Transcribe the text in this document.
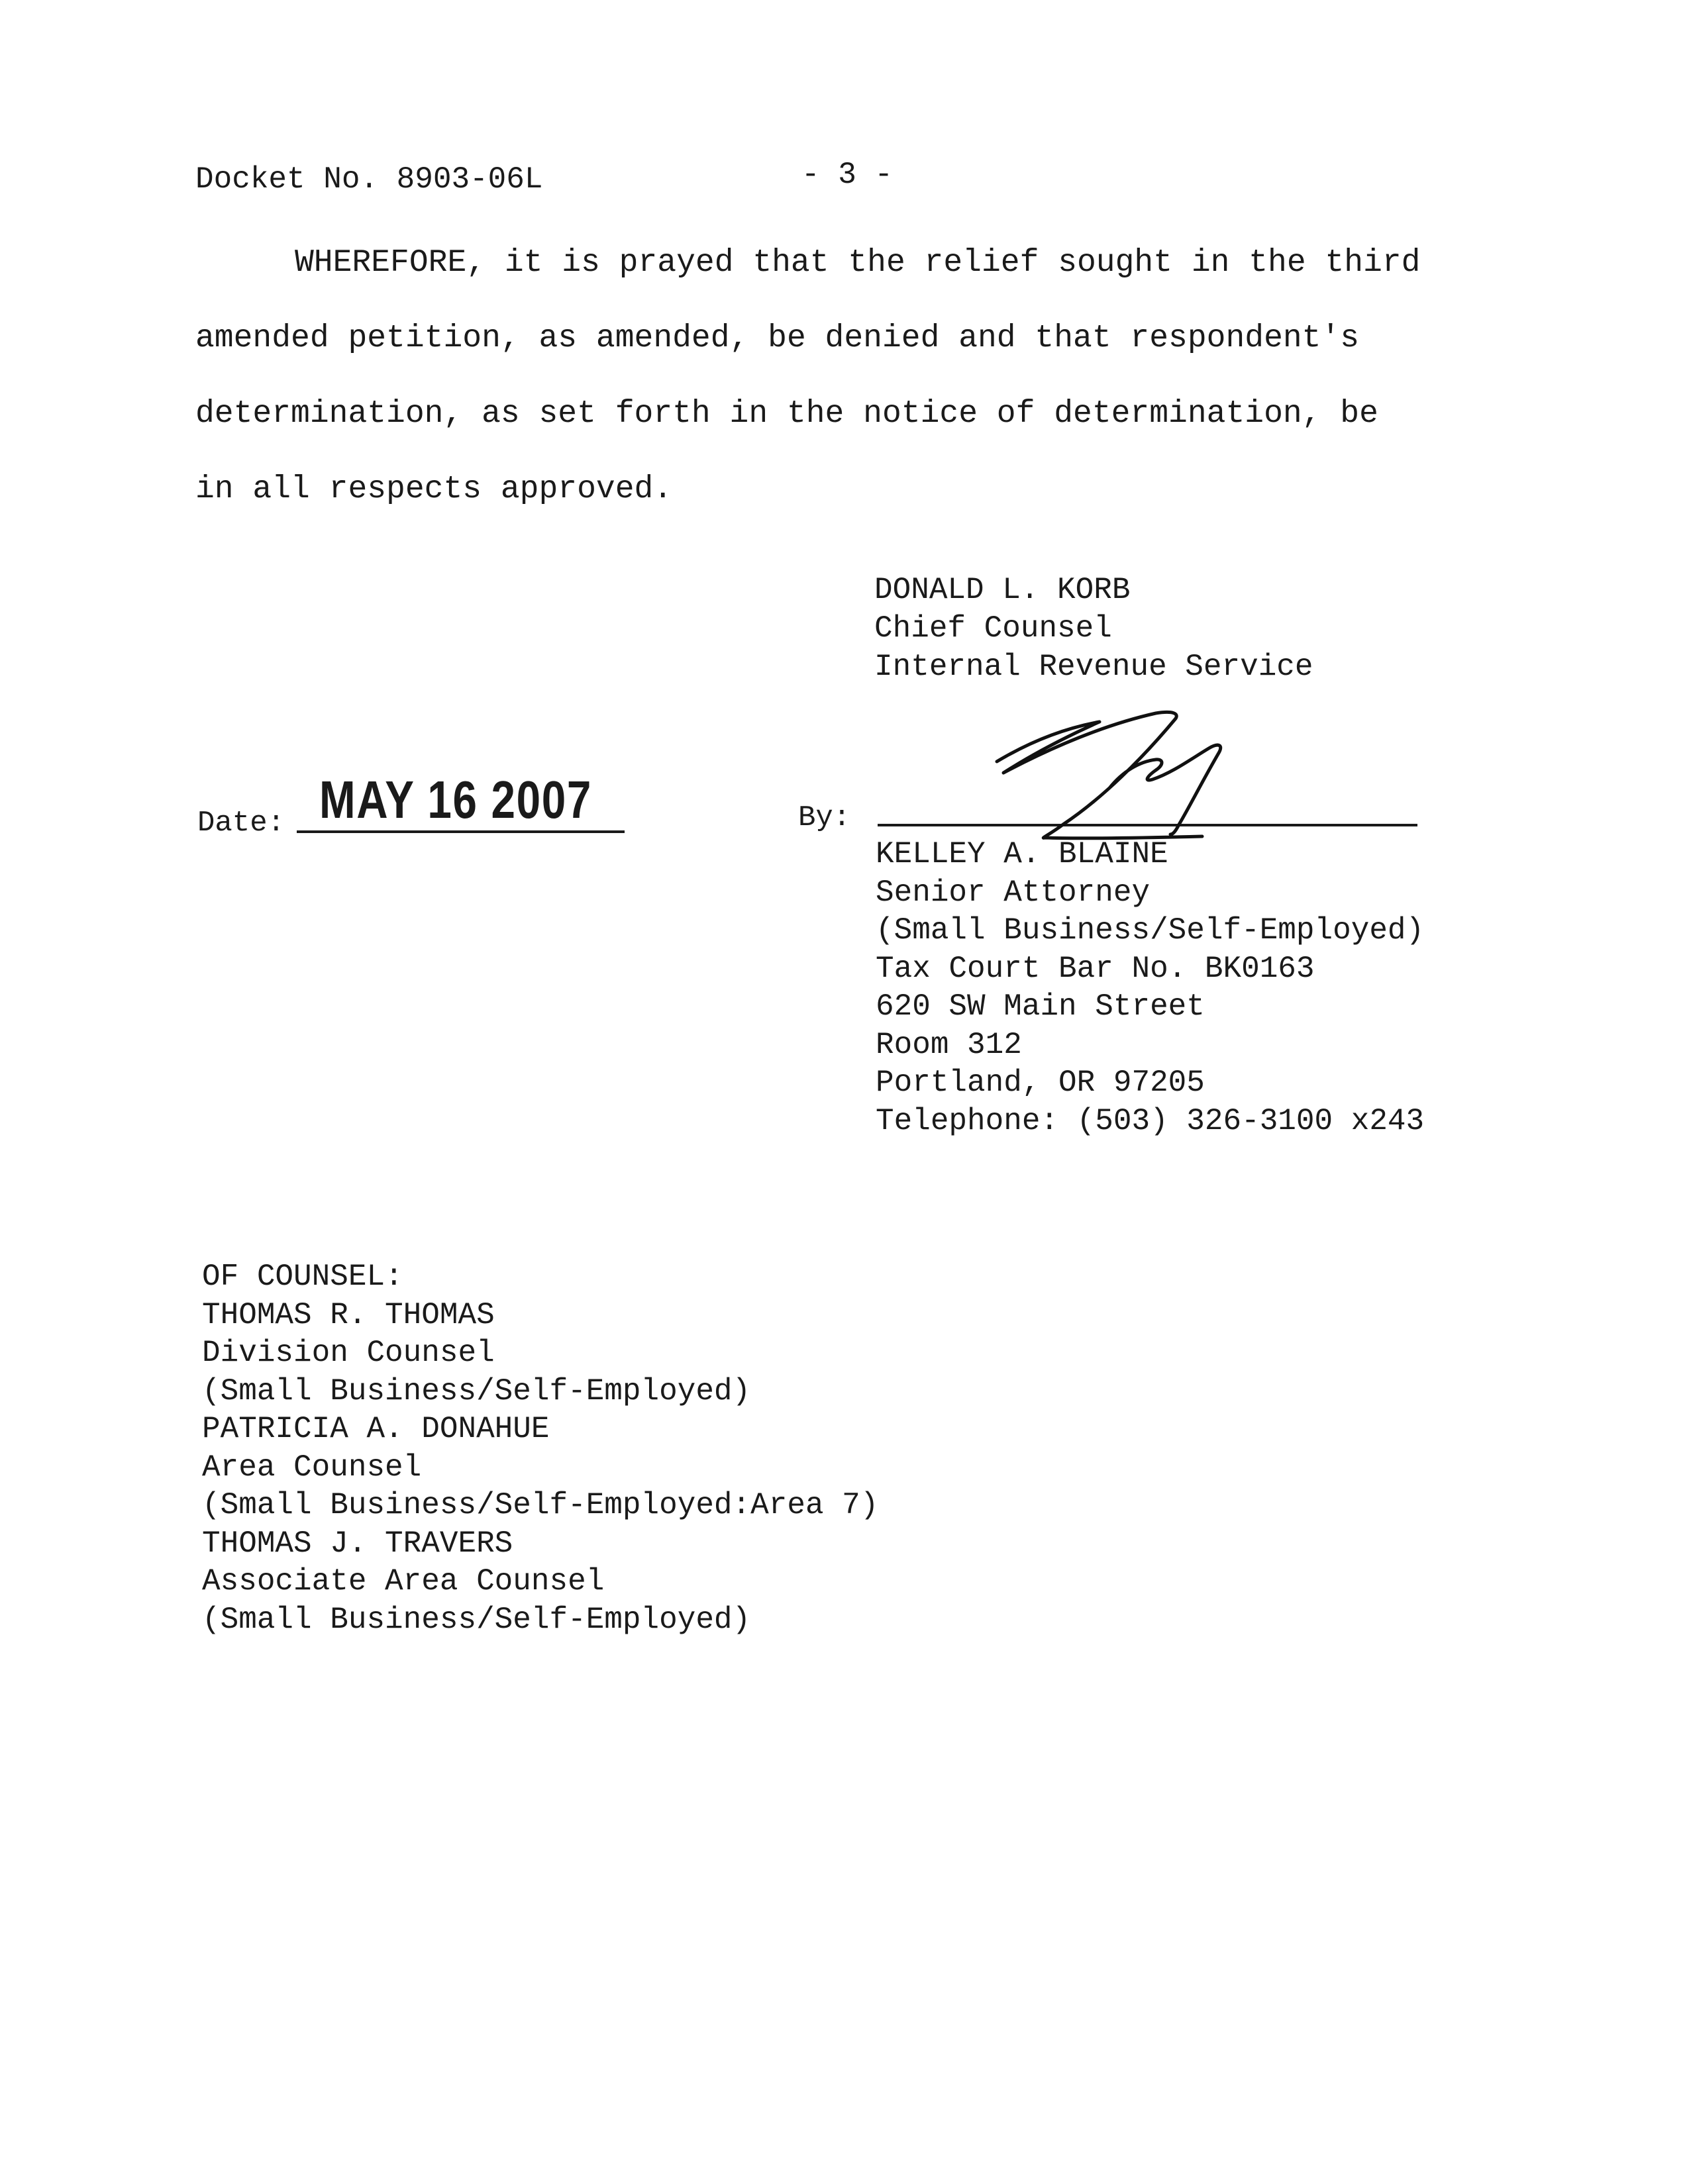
Docket No. 8903-06L	- 3 -
WHEREFORE, it is prayed that the relief sought in the third
amended petition, as amended, be denied and that respondent's
determination, as set forth in the notice of determination, be
in all respects approved.
DONALD L. KORB
Chief Counsel
Internal Revenue Service
Date: MAY 16 2007	By:
KELLEY A. BLAINE
Senior Attorney
(Small Business/Self-Employed)
Tax Court Bar No. BK0163
620 SW Main Street
Room 312
Portland, OR 97205
Telephone: (503) 326-3100 x243
OF COUNSEL:
THOMAS R. THOMAS
Division Counsel
(Small Business/Self-Employed)
PATRICIA A. DONAHUE
Area Counsel
(Small Business/Self-Employed:Area 7)
THOMAS J. TRAVERS
Associate Area Counsel
(Small Business/Self-Employed)
